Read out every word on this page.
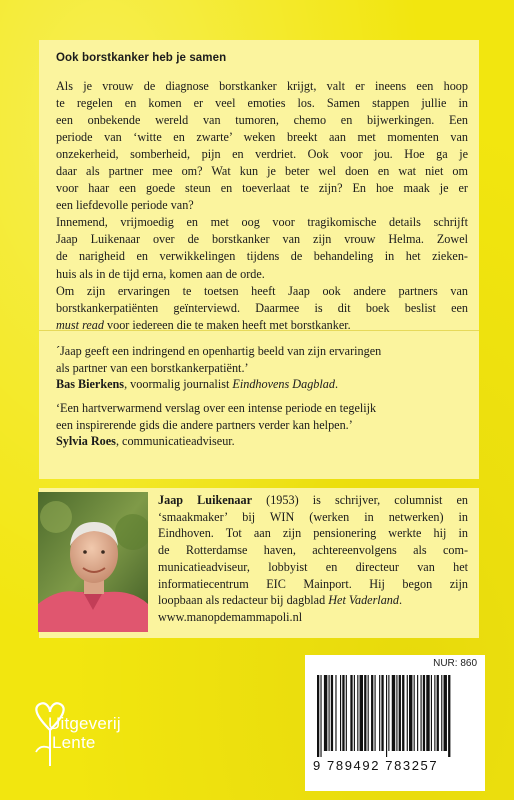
Ook borstkanker heb je samen
Als je vrouw de diagnose borstkanker krijgt, valt er ineens een hoop
te regelen en komen er veel emoties los. Samen stappen jullie in
een onbekende wereld van tumoren, chemo en bijwerkingen. Een
periode van ‘witte en zwarte’ weken breekt aan met momenten van
onzekerheid, somberheid, pijn en verdriet. Ook voor jou. Hoe ga je
daar als partner mee om? Wat kun je beter wel doen en wat niet om
voor haar een goede steun en toeverlaat te zijn? En hoe maak je er
een liefdevolle periode van?
Innemend, vrijmoedig en met oog voor tragikomische details schrijft
Jaap Luikenaar over de borstkanker van zijn vrouw Helma. Zowel
de narigheid en verwikkelingen tijdens de behandeling in het zieken-
huis als in de tijd erna, komen aan de orde.
Om zijn ervaringen te toetsen heeft Jaap ook andere partners van
borstkankerpatiënten geïnterviewd. Daarmee is dit boek beslist een
must read voor iedereen die te maken heeft met borstkanker.
´Jaap geeft een indringend en openhartig beeld van zijn ervaringen
als partner van een borstkankerpatiënt.’
Bas Bierkens, voormalig journalist Eindhovens Dagblad.
‘Een hartverwarmend verslag over een intense periode en tegelijk
een inspirerende gids die andere partners verder kan helpen.’
Sylvia Roes, communicatieadviseur.
Jaap Luikenaar (1953) is schrijver, columnist en
‘smaakmaker’ bij WIN (werken in netwerken) in
Eindhoven. Tot aan zijn pensionering werkte hij in
de Rotterdamse haven, achtereenvolgens als com-
municatieadviseur, lobbyist en directeur van het
informatiecentrum EIC Mainport. Hij begon zijn
loopbaan als redacteur bij dagblad Het Vaderland.
www.manopdemammapoli.nl
Uitgeverij
Lente
NUR: 860
9 789492 783257
